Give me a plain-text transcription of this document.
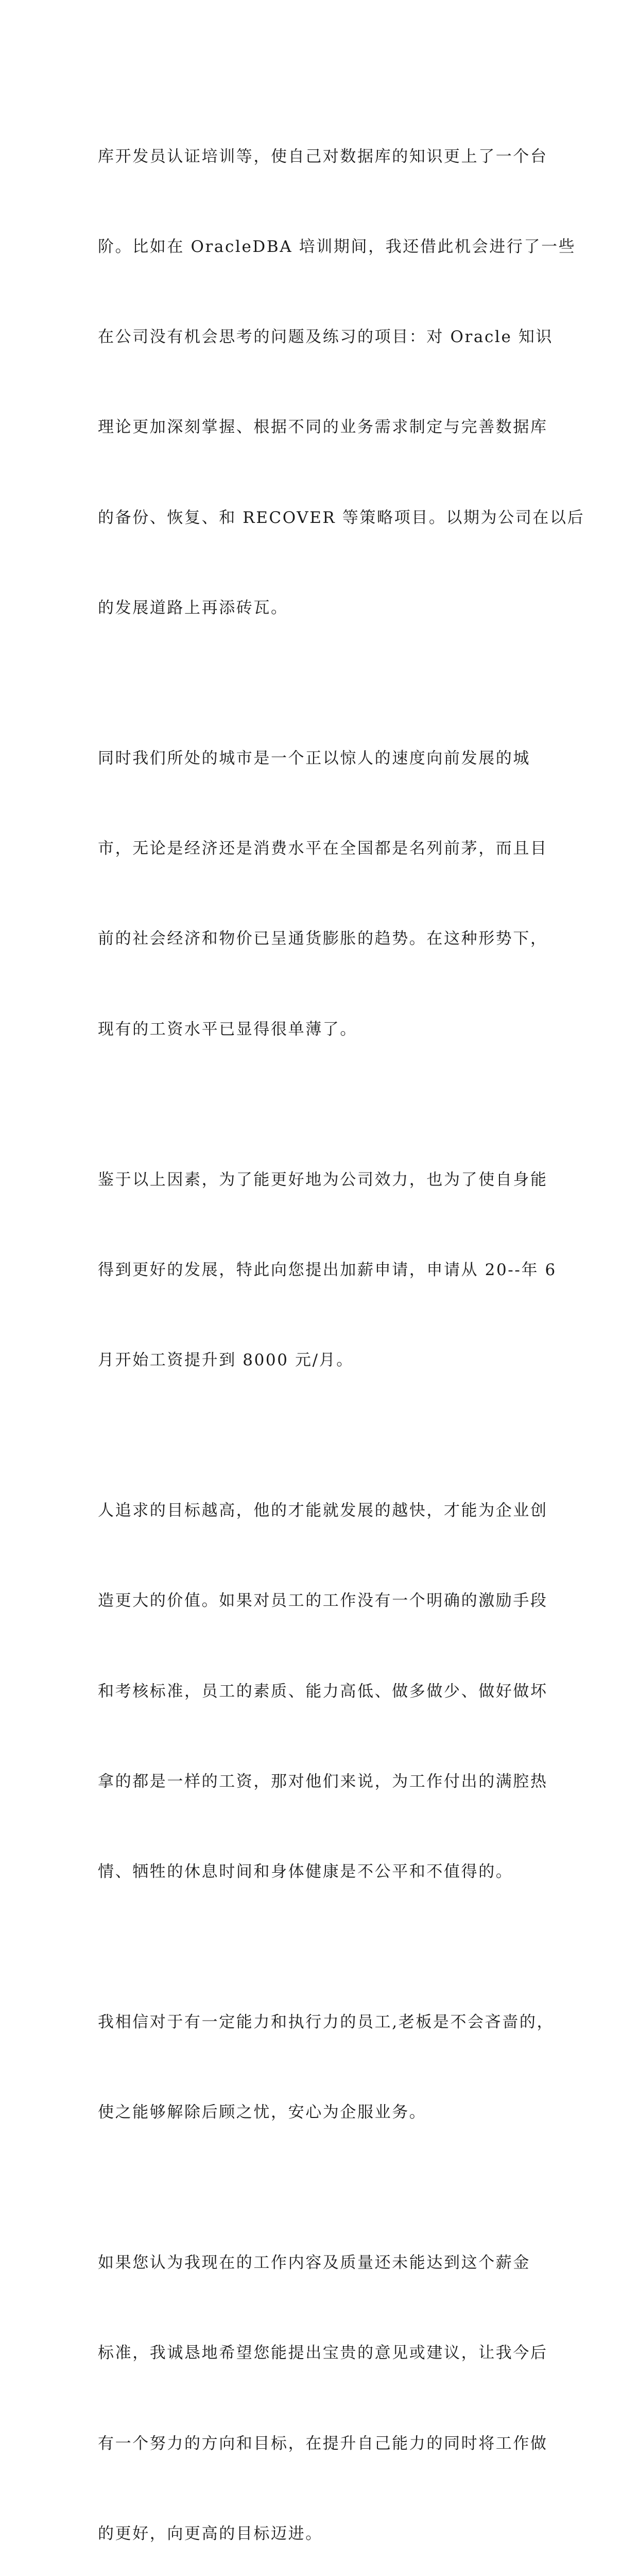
库开发员认证培训等，使自己对数据库的知识更上了一个台

阶。比如在 OracleDBA 培训期间，我还借此机会进行了一些

在公司没有机会思考的问题及练习的项目：对 Oracle 知识

理论更加深刻掌握、根据不同的业务需求制定与完善数据库

的备份、恢复、和 RECOVER 等策略项目。以期为公司在以后

的发展道路上再添砖瓦。

同时我们所处的城市是一个正以惊人的速度向前发展的城

市，无论是经济还是消费水平在全国都是名列前茅，而且目

前的社会经济和物价已呈通货膨胀的趋势。在这种形势下，

现有的工资水平已显得很单薄了。

鉴于以上因素，为了能更好地为公司效力，也为了使自身能

得到更好的发展，特此向您提出加薪申请，申请从 20--年 6

月开始工资提升到 8000 元/月。

人追求的目标越高，他的才能就发展的越快，才能为企业创

造更大的价值。如果对员工的工作没有一个明确的激励手段

和考核标准，员工的素质、能力高低、做多做少、做好做坏

拿的都是一样的工资，那对他们来说，为工作付出的满腔热

情、牺牲的休息时间和身体健康是不公平和不值得的。

我相信对于有一定能力和执行力的员工,老板是不会吝啬的，

使之能够解除后顾之忧，安心为企服业务。

如果您认为我现在的工作内容及质量还未能达到这个薪金

标准，我诚恳地希望您能提出宝贵的意见或建议，让我今后

有一个努力的方向和目标，在提升自己能力的同时将工作做

的更好，向更高的目标迈进。
